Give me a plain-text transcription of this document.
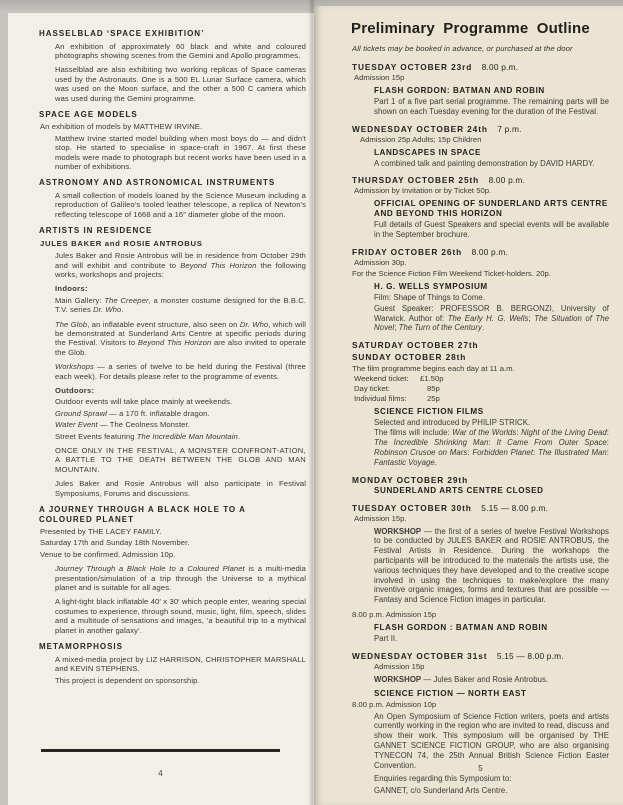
HASSELBLAD ‘SPACE EXHIBITION’

An exhibition of approximately 60 black and white and coloured photographs showing scenes from the Gemini and Apollo programmes.

Hasselblad are also exhibiting two working replicas of Space cameras used by the Astronauts. One is a 500 EL Lunar Surface camera, which was used on the Moon surface, and the other a 500 C camera which was used during the Gemini programme.

SPACE AGE MODELS

An exhibition of models by MATTHEW IRVINE.

Matthew Irvine started model building when most boys do — and didn't stop. He started to specialise in space-craft in 1967. At first these models were made to photograph but recent works have been used in a number of exhibitions.

ASTRONOMY AND ASTRONOMICAL INSTRUMENTS

A small collection of models loaned by the Science Museum including a reproduction of Galileo's tooled leather telescope, a replica of Newton's reflecting telescope of 1668 and a 16″ diameter globe of the moon.

ARTISTS IN RESIDENCE

JULES BAKER and ROSIE ANTROBUS

Jules Baker and Rosie Antrobus will be in residence from October 29th and will exhibit and contribute to Beyond This Horizon the following works, workshops and projects:

Indoors:

Main Gallery: The Creeper, a monster costume designed for the B.B.C. T.V. series Dr. Who.

The Glob, an inflatable event structure, also seen on Dr. Who, which will be demonstrated at Sunderland Arts Centre at specific periods during the Festival. Visitors to Beyond This Horizon are also invited to operate the Glob.

Workshops — a series of twelve to be held during the Festival (three each week). For details please refer to the programme of events.

Outdoors:

Outdoor events will take place mainly at weekends.

Ground Sprawl — a 170 ft. inflatable dragon.

Water Event — The Ceolness Monster.

Street Events featuring The Incredible Man Mountain.

ONCE ONLY IN THE FESTIVAL, A MONSTER CONFRONT-ATION, A BATTLE TO THE DEATH BETWEEN THE GLOB AND MAN MOUNTAIN.

Jules Baker and Rosie Antrobus will also participate in Festival Symposiums, Forums and discussions.

A JOURNEY THROUGH A BLACK HOLE TO A COLOURED PLANET

Presented by THE LACEY FAMILY.

Saturday 17th and Sunday 18th November.

Venue to be confirmed. Admission 10p.

Journey Through a Black Hole to a Coloured Planet is a multi-media presentation/simulation of a trip through the Universe to a mythical planet and is suitable for all ages.

A light-tight black inflatable 40′ x 30′ which people enter, wearing special costumes to experience, through sound, music, light, film, speech, slides and a multitude of sensations and images, ‘a beautiful trip to a mythical planet in another galaxy’.

METAMORPHOSIS

A mixed-media project by LIZ HARRISON, CHRISTOPHER MARSHALL and KEVIN STEPHENS.

This project is dependent on sponsorship.

4
Preliminary Programme Outline

All tickets may be booked in advance, or purchased at the door

TUESDAY OCTOBER 23rd 8.00 p.m.
Admission 15p
FLASH GORDON: BATMAN AND ROBIN
Part 1 of a five part serial programme. The remaining parts will be shown on each Tuesday evening for the duration of the Festival.
WEDNESDAY OCTOBER 24th 7 p.m.
Admission 25p Adults; 15p Children
LANDSCAPES IN SPACE
A combined talk and painting demonstration by DAVID HARDY.
THURSDAY OCTOBER 25th 8.00 p.m.
Admission by Invitation or by Ticket 50p.
OFFICIAL OPENING OF SUNDERLAND ARTS CENTRE AND BEYOND THIS HORIZON
Full details of Guest Speakers and special events will be available in the September brochure.
FRIDAY OCTOBER 26th 8.00 p.m.
Admission 30p.
For the Science Fiction Film Weekend Ticket-holders. 20p.
H. G. WELLS SYMPOSIUM
Film: Shape of Things to Come.
Guest Speaker: PROFESSOR B. BERGONZI, University of Warwick. Author of: The Early H. G. Wells; The Situation of The Novel; The Turn of the Century.
SATURDAY OCTOBER 27th
SUNDAY OCTOBER 28th
The film programme begins each day at 11 a.m.
Weekend ticket:	£1.50p
Day ticket:	85p
Individual films:	25p
SCIENCE FICTION FILMS
Selected and introduced by PHILIP STRICK.
The films will include: War of the Worlds: Night of the Living Dead: The Incredible Shrinking Man: It Came From Outer Space: Robinson Crusoe on Mars: Forbidden Planet: The Illustrated Man: Fantastic Voyage.
MONDAY OCTOBER 29th
SUNDERLAND ARTS CENTRE CLOSED
TUESDAY OCTOBER 30th 5.15 — 8.00 p.m.
Admission 15p.
WORKSHOP — the first of a series of twelve Festival Workshops to be conducted by JULES BAKER and ROSIE ANTROBUS, the Festival Artists in Residence. During the workshops the participants will be introduced to the materials the artists use, the various techniques they have developed and to the creative scope involved in using the techniques to make/explore the many inventive organic images, forms and textures that are possible — Fantasy and Science Fiction images in particular.
8.00 p.m. Admission 15p
FLASH GORDON : BATMAN AND ROBIN
Part II.
WEDNESDAY OCTOBER 31st 5.15 — 8.00 p.m.
Admission 15p
WORKSHOP — Jules Baker and Rosie Antrobus.
SCIENCE FICTION — NORTH EAST
8.00 p.m. Admission 10p
An Open Symposium of Science Fiction writers, poets and artists currently working in the region who are invited to read, discuss and show their work. This symposium will be organised by THE GANNET SCIENCE FICTION GROUP, who are also organising TYNECON 74, the 25th Annual British Science Fiction Easter Convention.
Enquiries regarding this Symposium to:
GANNET, c/o Sunderland Arts Centre.
5
